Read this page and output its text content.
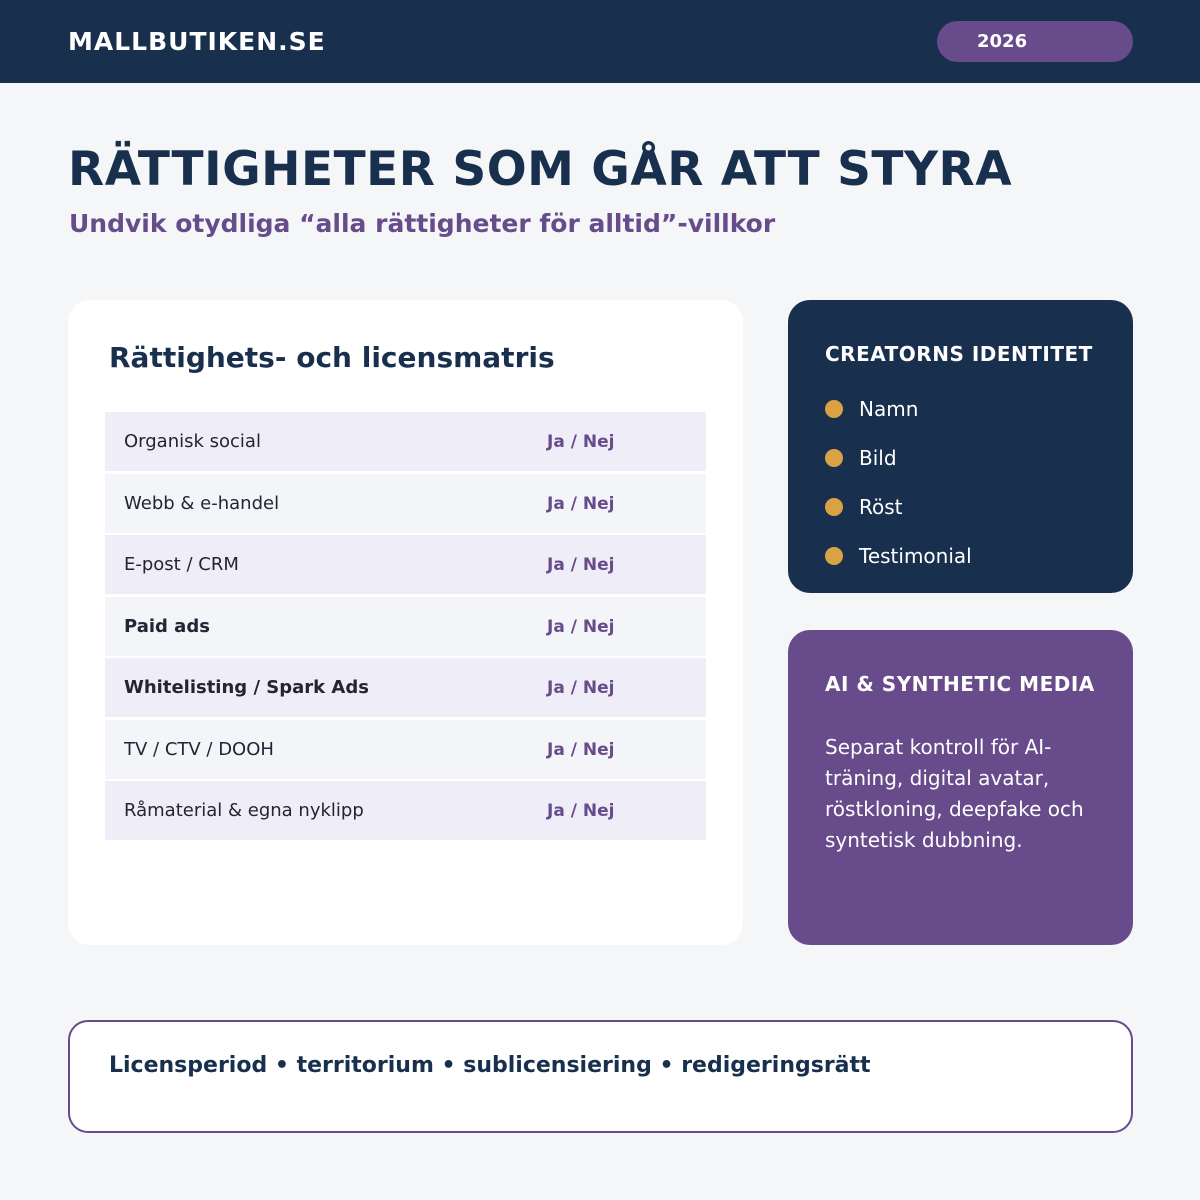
MALLBUTIKEN.SE	2026
RÄTTIGHETER SOM GÅR ATT STYRA
Undvik otydliga “alla rättigheter för alltid”-villkor
Rättighets- och licensmatris
Organisk social	Ja / Nej
Webb & e-handel	Ja / Nej
E-post / CRM	Ja / Nej
Paid ads	Ja / Nej
Whitelisting / Spark Ads	Ja / Nej
TV / CTV / DOOH	Ja / Nej
Råmaterial & egna nyklipp	Ja / Nej
CREATORNS IDENTITET
Namn
Bild
Röst
Testimonial
AI & SYNTHETIC MEDIA
Separat kontroll för AI-träning, digital avatar, röstkloning, deepfake och syntetisk dubbning.
Licensperiod • territorium • sublicensiering • redigeringsrätt
